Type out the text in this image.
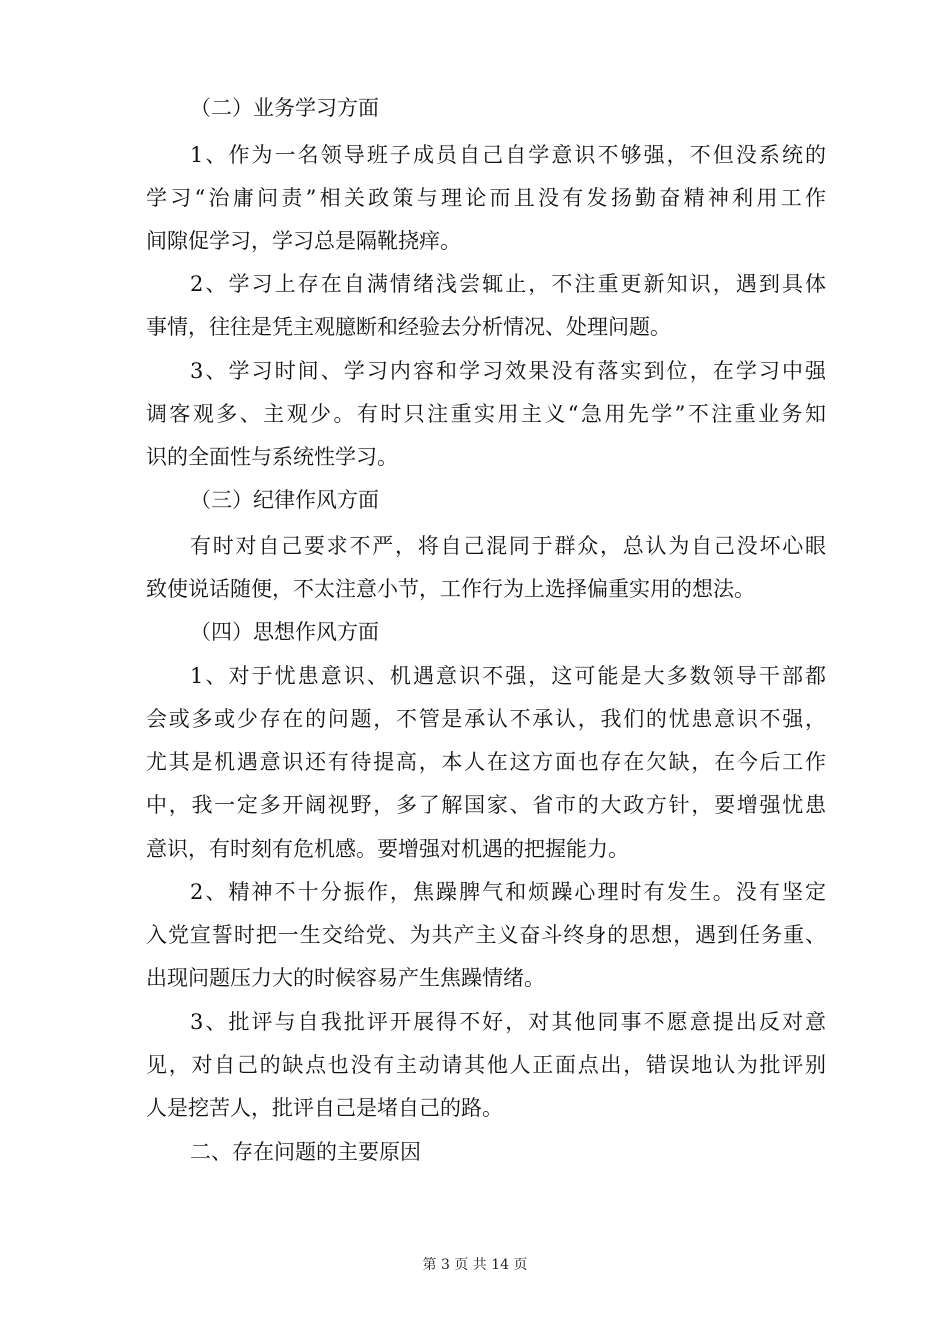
（二）业务学习方面
1、作为一名领导班子成员自己自学意识不够强，不但没系统的
学习“治庸问责”相关政策与理论而且没有发扬勤奋精神利用工作
间隙促学习，学习总是隔靴挠痒。
2、学习上存在自满情绪浅尝辄止，不注重更新知识，遇到具体
事情，往往是凭主观臆断和经验去分析情况、处理问题。
3、学习时间、学习内容和学习效果没有落实到位，在学习中强
调客观多、主观少。有时只注重实用主义“急用先学”不注重业务知
识的全面性与系统性学习。
（三）纪律作风方面
有时对自己要求不严，将自己混同于群众，总认为自己没坏心眼
致使说话随便，不太注意小节，工作行为上选择偏重实用的想法。
（四）思想作风方面
1、对于忧患意识、机遇意识不强，这可能是大多数领导干部都
会或多或少存在的问题，不管是承认不承认，我们的忧患意识不强，
尤其是机遇意识还有待提高，本人在这方面也存在欠缺，在今后工作
中，我一定多开阔视野，多了解国家、省市的大政方针，要增强忧患
意识，有时刻有危机感。要增强对机遇的把握能力。
2、精神不十分振作，焦躁脾气和烦躁心理时有发生。没有坚定
入党宣誓时把一生交给党、为共产主义奋斗终身的思想，遇到任务重、
出现问题压力大的时候容易产生焦躁情绪。
3、批评与自我批评开展得不好，对其他同事不愿意提出反对意
见，对自己的缺点也没有主动请其他人正面点出，错误地认为批评别
人是挖苦人，批评自己是堵自己的路。
二、存在问题的主要原因
第 3 页 共 14 页
